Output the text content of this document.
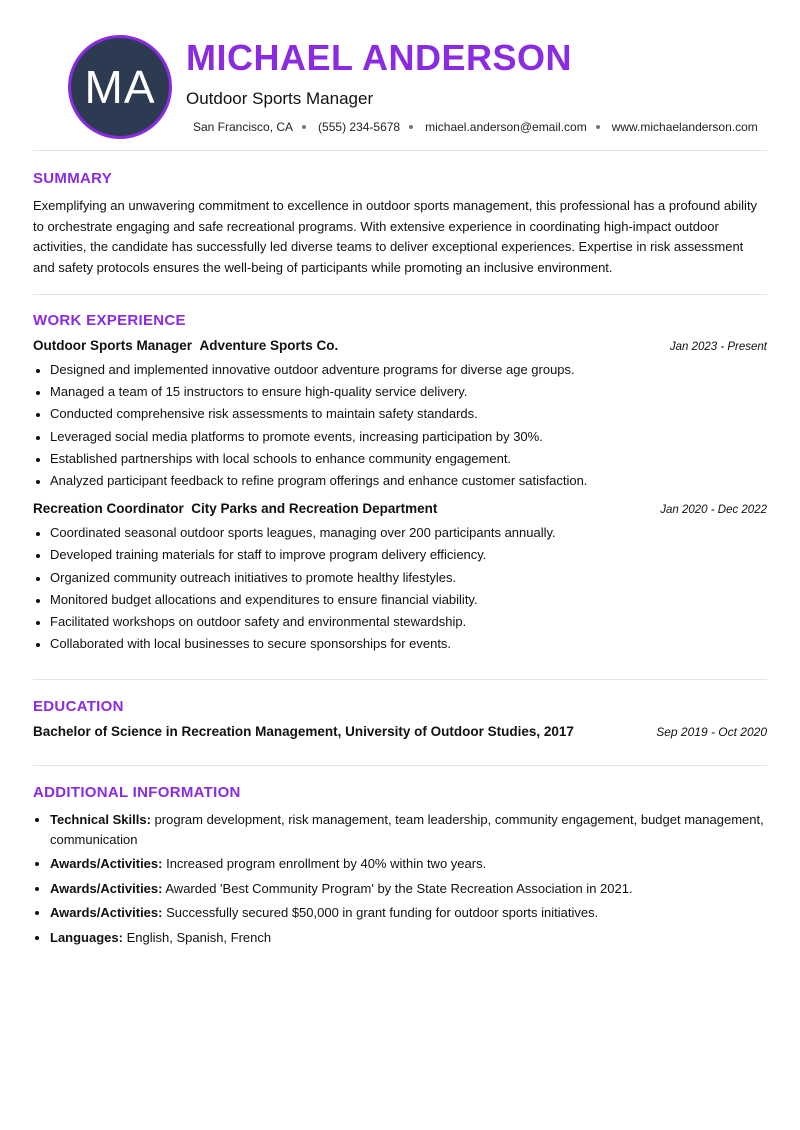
MA
MICHAEL ANDERSON
Outdoor Sports Manager
San Francisco, CA (555) 234-5678 michael.anderson@email.com www.michaelanderson.com
SUMMARY
Exemplifying an unwavering commitment to excellence in outdoor sports management, this professional has a profound ability to orchestrate engaging and safe recreational programs. With extensive experience in coordinating high-impact outdoor activities, the candidate has successfully led diverse teams to deliver exceptional experiences. Expertise in risk assessment and safety protocols ensures the well-being of participants while promoting an inclusive environment.
WORK EXPERIENCE
Outdoor Sports Manager Adventure Sports Co.	Jan 2023 - Present
• Designed and implemented innovative outdoor adventure programs for diverse age groups.
• Managed a team of 15 instructors to ensure high-quality service delivery.
• Conducted comprehensive risk assessments to maintain safety standards.
• Leveraged social media platforms to promote events, increasing participation by 30%.
• Established partnerships with local schools to enhance community engagement.
• Analyzed participant feedback to refine program offerings and enhance customer satisfaction.
Recreation Coordinator City Parks and Recreation Department	Jan 2020 - Dec 2022
• Coordinated seasonal outdoor sports leagues, managing over 200 participants annually.
• Developed training materials for staff to improve program delivery efficiency.
• Organized community outreach initiatives to promote healthy lifestyles.
• Monitored budget allocations and expenditures to ensure financial viability.
• Facilitated workshops on outdoor safety and environmental stewardship.
• Collaborated with local businesses to secure sponsorships for events.
EDUCATION
Bachelor of Science in Recreation Management, University of Outdoor Studies, 2017	Sep 2019 - Oct 2020
ADDITIONAL INFORMATION
• Technical Skills: program development, risk management, team leadership, community engagement, budget management, communication
• Awards/Activities: Increased program enrollment by 40% within two years.
• Awards/Activities: Awarded 'Best Community Program' by the State Recreation Association in 2021.
• Awards/Activities: Successfully secured $50,000 in grant funding for outdoor sports initiatives.
• Languages: English, Spanish, French
